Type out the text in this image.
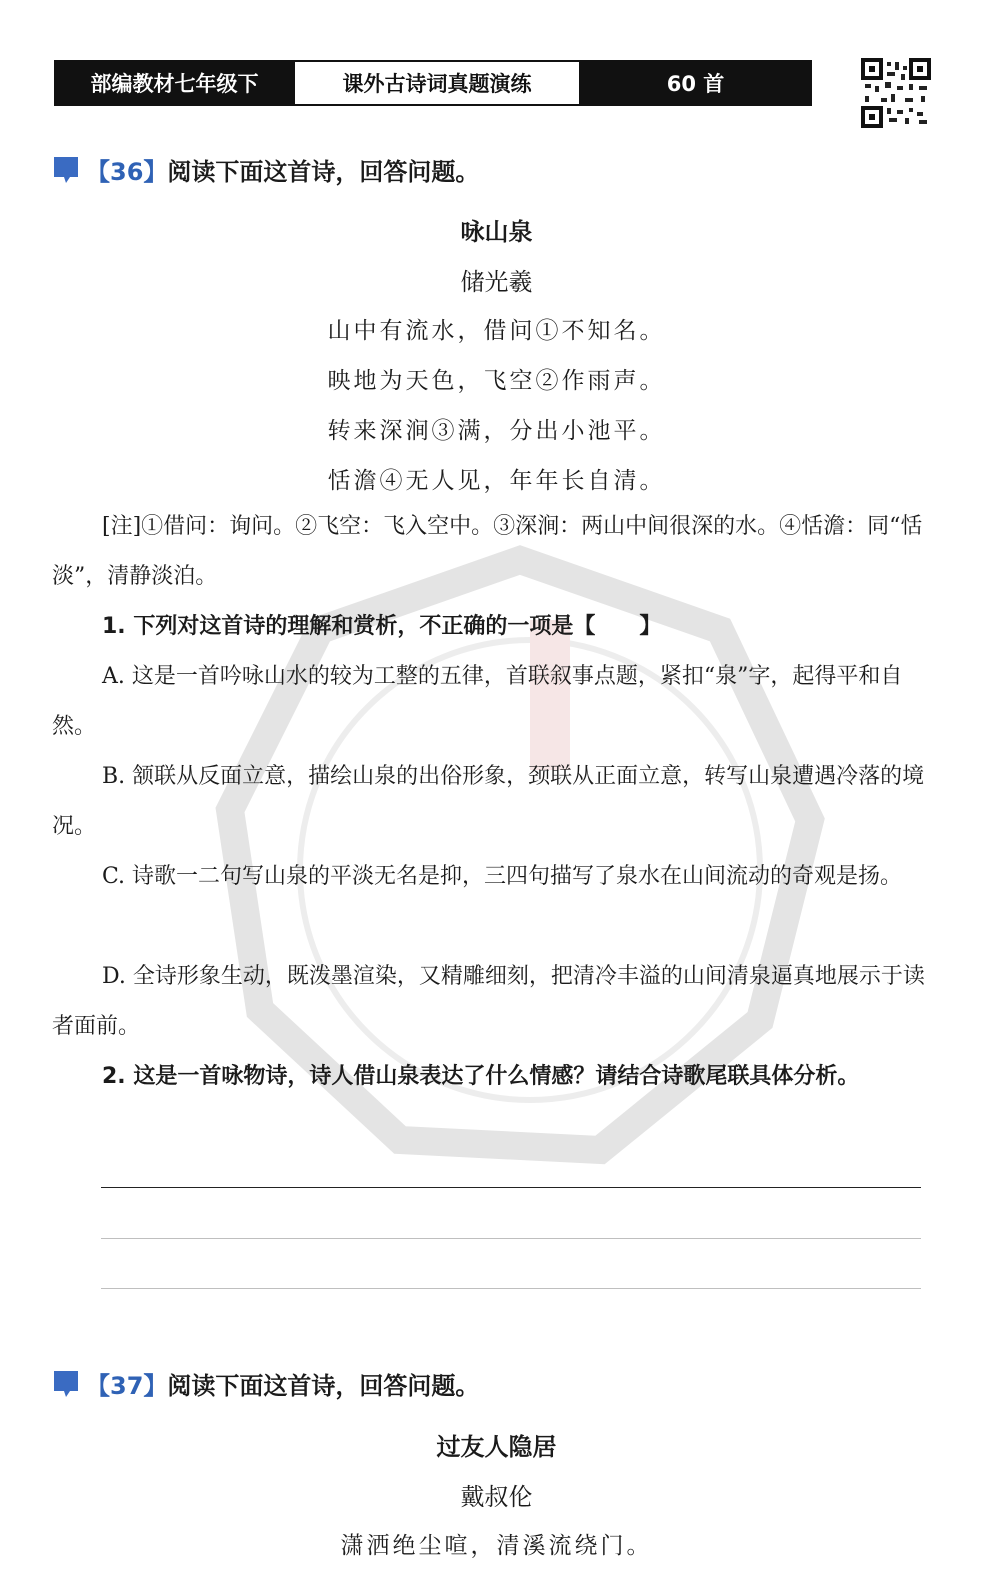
部编教材七年级下	课外古诗词真题演练	60 首
【36】 阅读下面这首诗，回答问题。
咏山泉
储光羲
山中有流水，借问①不知名。
映地为天色，飞空②作雨声。
转来深涧③满，分出小池平。
恬澹④无人见，年年长自清。
[注]①借问：询问。②飞空：飞入空中。③深涧：两山中间很深的水。④恬澹：同“恬淡”，清静淡泊。
1. 下列对这首诗的理解和赏析，不正确的一项是【　　】
A. 这是一首吟咏山水的较为工整的五律，首联叙事点题，紧扣“泉”字，起得平和自然。
B. 颔联从反面立意，描绘山泉的出俗形象，颈联从正面立意，转写山泉遭遇冷落的境况。
C. 诗歌一二句写山泉的平淡无名是抑，三四句描写了泉水在山间流动的奇观是扬。
D. 全诗形象生动，既泼墨渲染，又精雕细刻，把清冷丰溢的山间清泉逼真地展示于读者面前。
2. 这是一首咏物诗，诗人借山泉表达了什么情感？请结合诗歌尾联具体分析。
【37】 阅读下面这首诗，回答问题。
过友人隐居
戴叔伦
潇洒绝尘喧，清溪流绕门。
